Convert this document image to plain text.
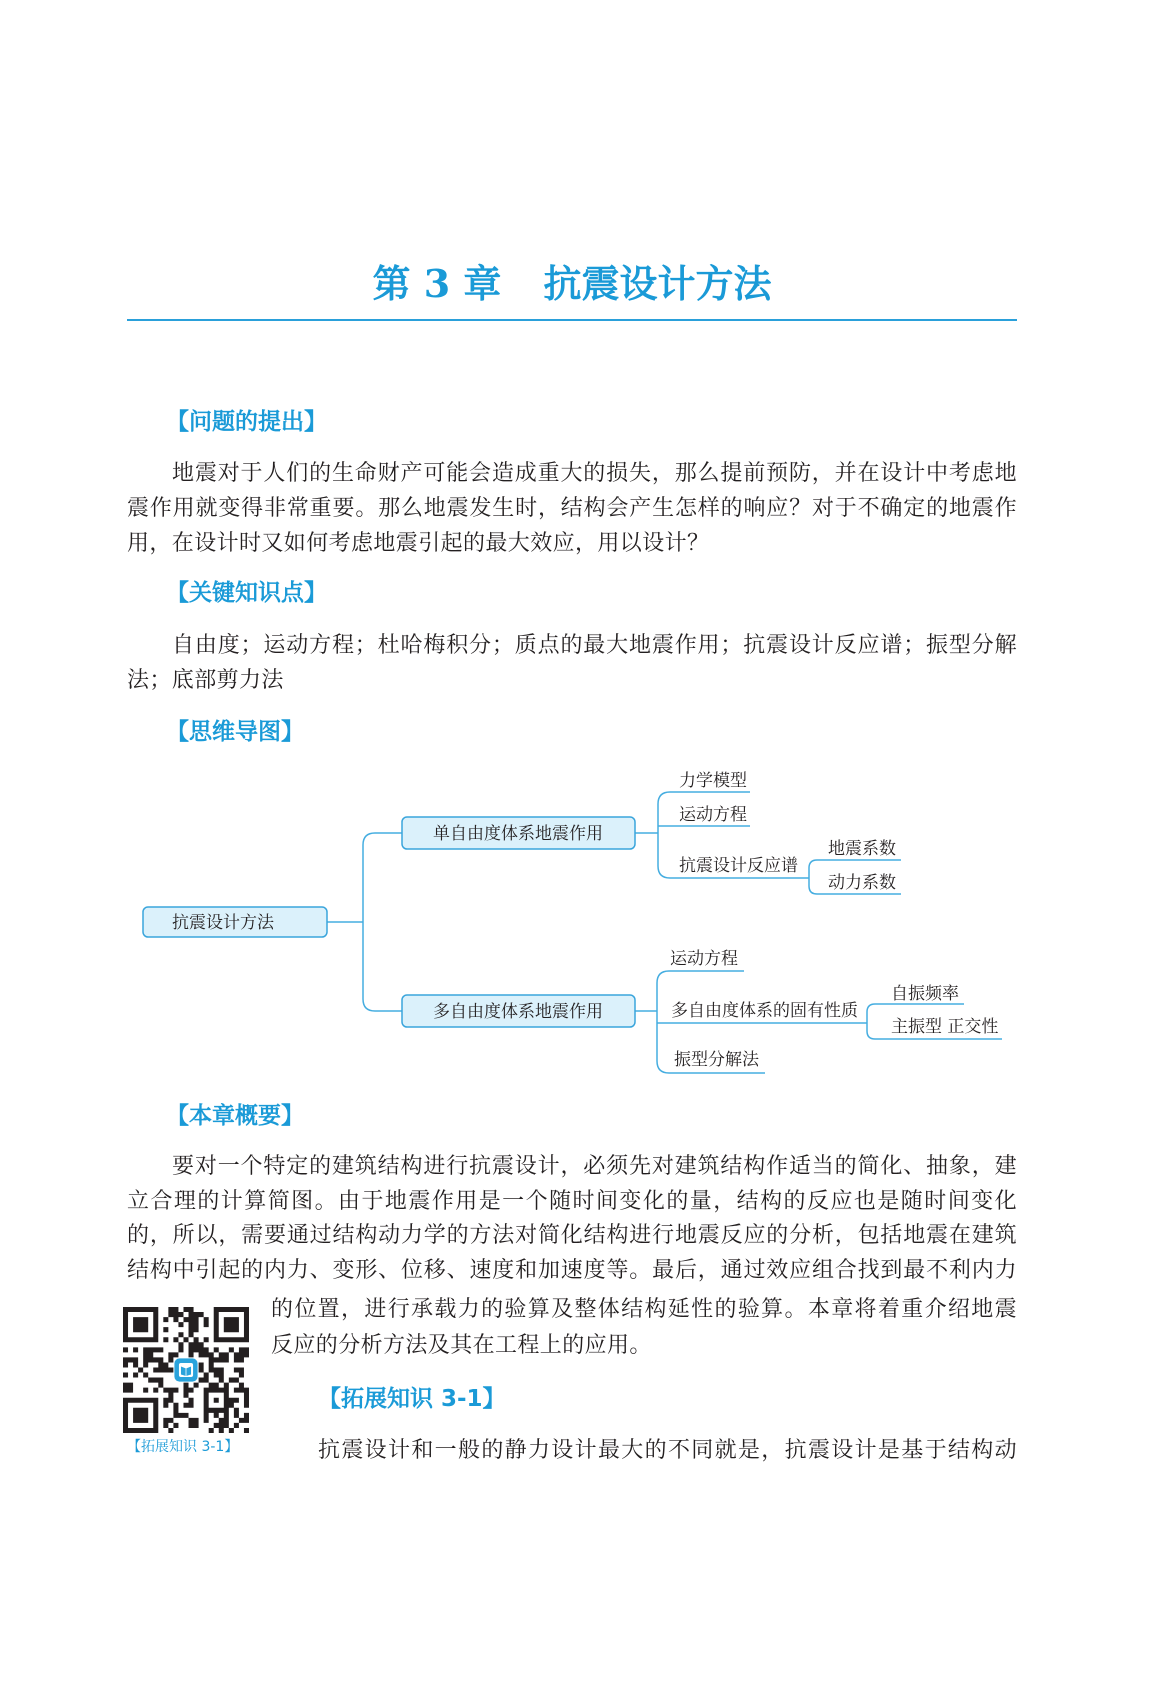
第 3 章 抗震设计方法
【问题的提出】
地震对于人们的生命财产可能会造成重大的损失，那么提前预防，并在设计中考虑地
震作用就变得非常重要。那么地震发生时，结构会产生怎样的响应？对于不确定的地震作
用，在设计时又如何考虑地震引起的最大效应，用以设计？
【关键知识点】
自由度；运动方程；杜哈梅积分；质点的最大地震作用；抗震设计反应谱；振型分解
法；底部剪力法
【思维导图】
抗震设计方法
单自由度体系地震作用
多自由度体系地震作用
力学模型
运动方程
抗震设计反应谱
地震系数
动力系数
运动方程
多自由度体系的固有性质
振型分解法
自振频率
主振型 正交性
【本章概要】
要对一个特定的建筑结构进行抗震设计，必须先对建筑结构作适当的简化、抽象，建
立合理的计算简图。由于地震作用是一个随时间变化的量，结构的反应也是随时间变化
的，所以，需要通过结构动力学的方法对简化结构进行地震反应的分析，包括地震在建筑
结构中引起的内力、变形、位移、速度和加速度等。最后，通过效应组合找到最不利内力
的位置，进行承载力的验算及整体结构延性的验算。本章将着重介绍地震
反应的分析方法及其在工程上的应用。
【拓展知识 3-1】
【拓展知识 3-1】
抗震设计和一般的静力设计最大的不同就是，抗震设计是基于结构动
